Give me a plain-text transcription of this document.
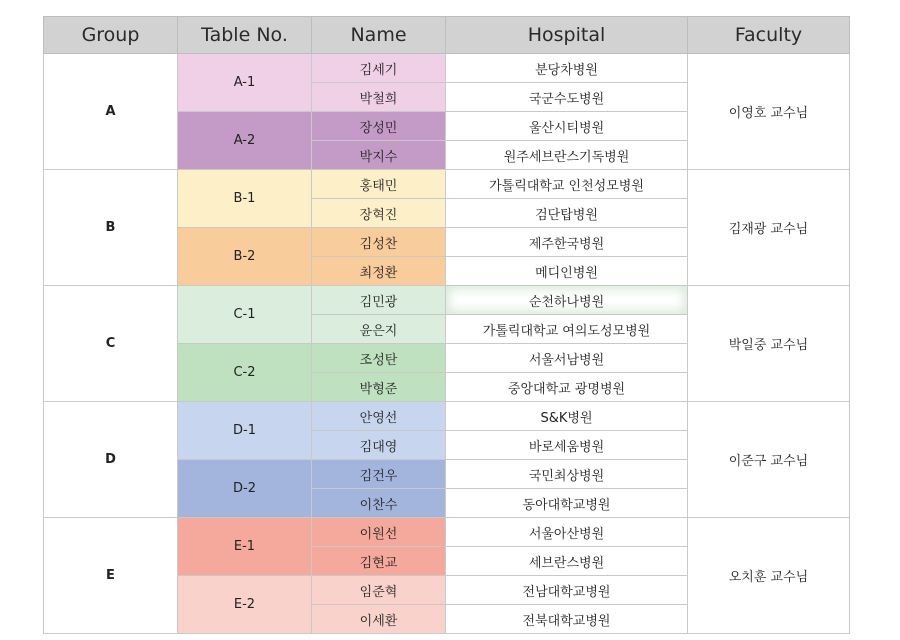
Group	Table No.	Name	Hospital	Faculty
A	A-1	김세기	분당차병원	이영호 교수님
		박철희	국군수도병원	
	A-2	장성민	울산시티병원	
		박지수	원주세브란스기독병원	
B	B-1	홍태민	가톨릭대학교 인천성모병원	김재광 교수님
		장혁진	검단탑병원	
	B-2	김성찬	제주한국병원	
		최정환	메디인병원	
C	C-1	김민광	순천하나병원	박일중 교수님
		윤은지	가톨릭대학교 여의도성모병원	
	C-2	조성탄	서울서남병원	
		박형준	중앙대학교 광명병원	
D	D-1	안영선	S&K병원	이준구 교수님
		김대영	바로세움병원	
	D-2	김건우	국민최상병원	
		이찬수	동아대학교병원	
E	E-1	이원선	서울아산병원	오치훈 교수님
		김현교	세브란스병원	
	E-2	임준혁	전남대학교병원	
		이세환	전북대학교병원	
